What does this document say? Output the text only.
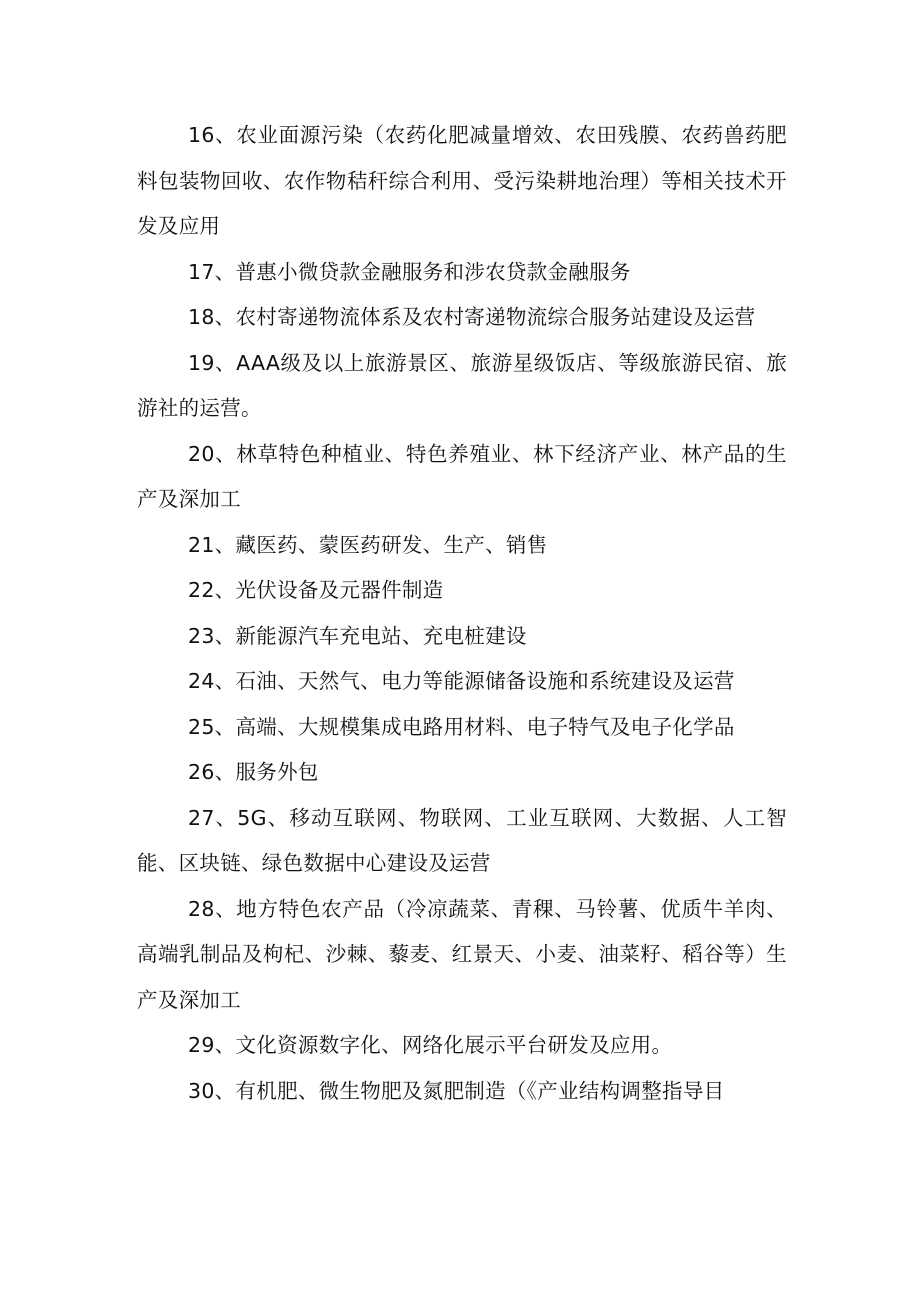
16、农业面源污染（农药化肥减量增效、农田残膜、农药兽药肥料包装物回收、农作物秸秆综合利用、受污染耕地治理）等相关技术开发及应用

17、普惠小微贷款金融服务和涉农贷款金融服务

18、农村寄递物流体系及农村寄递物流综合服务站建设及运营

19、AAA级及以上旅游景区、旅游星级饭店、等级旅游民宿、旅游社的运营。

20、林草特色种植业、特色养殖业、林下经济产业、林产品的生产及深加工

21、藏医药、蒙医药研发、生产、销售

22、光伏设备及元器件制造

23、新能源汽车充电站、充电桩建设

24、石油、天然气、电力等能源储备设施和系统建设及运营

25、高端、大规模集成电路用材料、电子特气及电子化学品

26、服务外包

27、5G、移动互联网、物联网、工业互联网、大数据、人工智能、区块链、绿色数据中心建设及运营

28、地方特色农产品（冷凉蔬菜、青稞、马铃薯、优质牛羊肉、高端乳制品及枸杞、沙棘、藜麦、红景天、小麦、油菜籽、稻谷等）生产及深加工

29、文化资源数字化、网络化展示平台研发及应用。

30、有机肥、微生物肥及氮肥制造（《产业结构调整指导目
